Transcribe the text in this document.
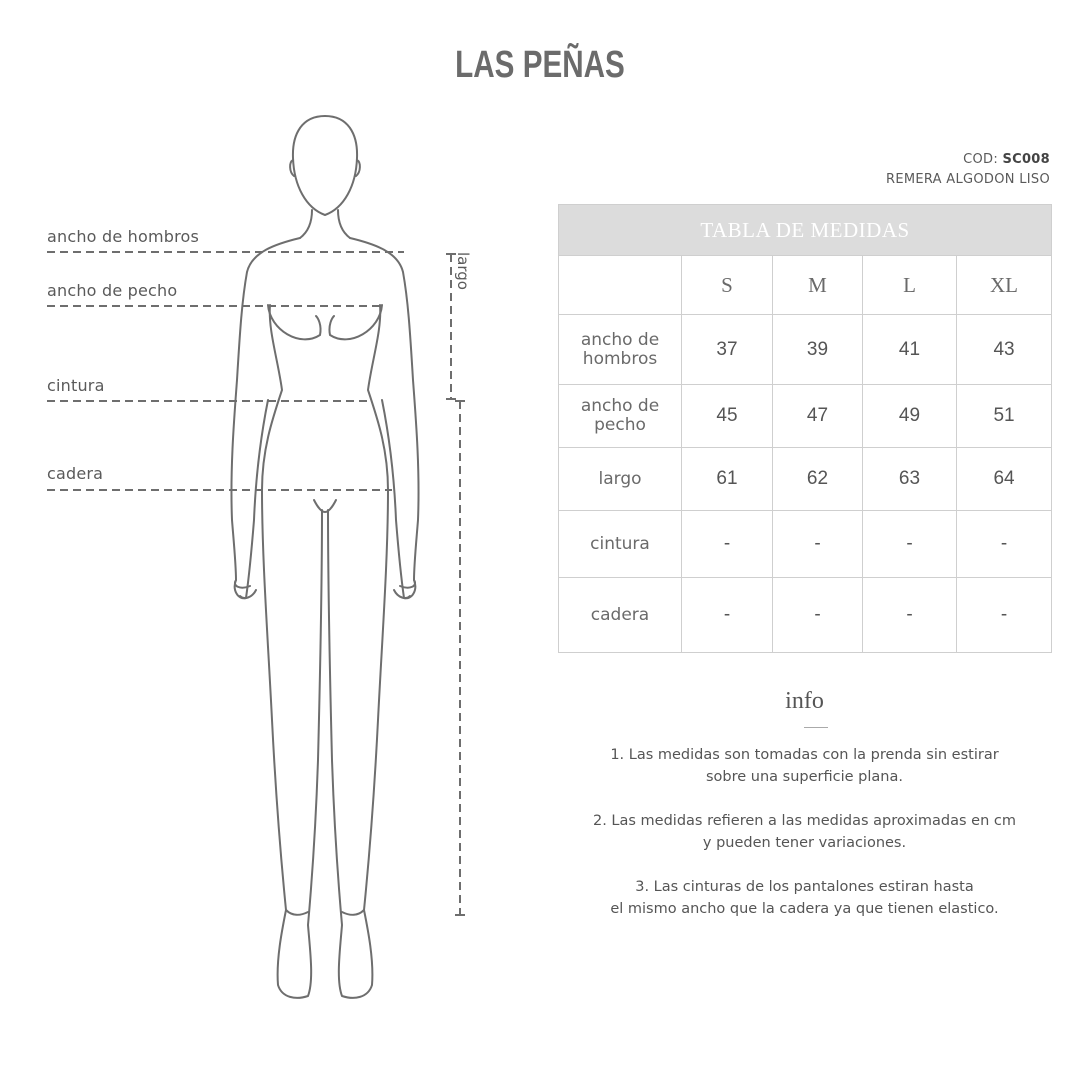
LAS PEÑAS
ancho de hombros
ancho de pecho
cintura
cadera
largo
COD: SC008
REMERA ALGODON LISO
TABLA DE MEDIDAS				
	S	M	L	XL
ancho de
hombros	37	39	41	43
ancho de
pecho	45	47	49	51
largo	61	62	63	64
cintura	-	-	-	-
cadera	-	-	-	-
info
1. Las medidas son tomadas con la prenda sin estirar
sobre una superficie plana.
2. Las medidas refieren a las medidas aproximadas en cm
y pueden tener variaciones.
3. Las cinturas de los pantalones estiran hasta
el mismo ancho que la cadera ya que tienen elastico.
